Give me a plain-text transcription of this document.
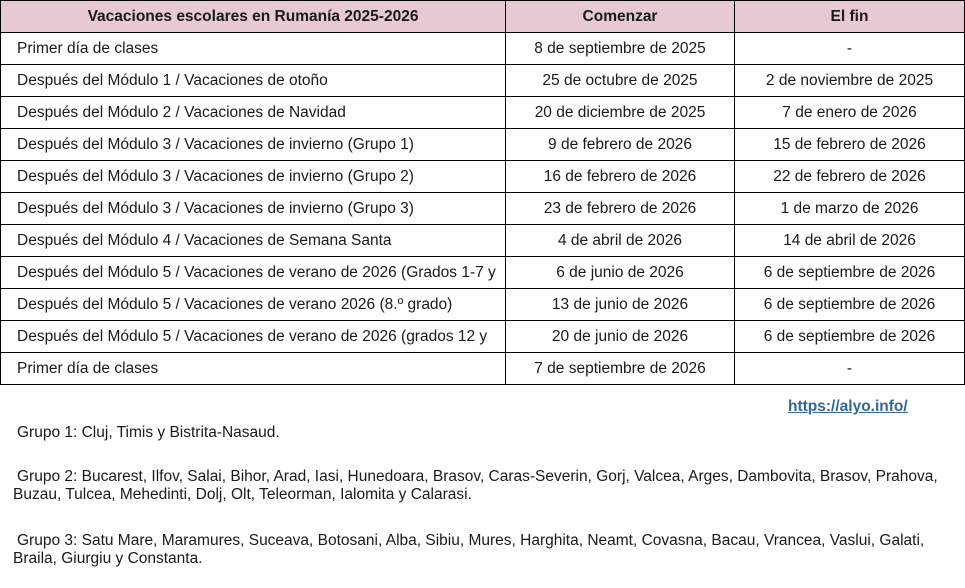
Vacaciones escolares en Rumanía 2025-2026	Comenzar	El fin
Primer día de clases	8 de septiembre de 2025	-
Después del Módulo 1 / Vacaciones de otoño	25 de octubre de 2025	2 de noviembre de 2025
Después del Módulo 2 / Vacaciones de Navidad	20 de diciembre de 2025	7 de enero de 2026
Después del Módulo 3 / Vacaciones de invierno (Grupo 1)	9 de febrero de 2026	15 de febrero de 2026
Después del Módulo 3 / Vacaciones de invierno (Grupo 2)	16 de febrero de 2026	22 de febrero de 2026
Después del Módulo 3 / Vacaciones de invierno (Grupo 3)	23 de febrero de 2026	1 de marzo de 2026
Después del Módulo 4 / Vacaciones de Semana Santa	4 de abril de 2026	14 de abril de 2026
Después del Módulo 5 / Vacaciones de verano de 2026 (Grados 1-7 y	6 de junio de 2026	6 de septiembre de 2026
Después del Módulo 5 / Vacaciones de verano 2026 (8.º grado)	13 de junio de 2026	6 de septiembre de 2026
Después del Módulo 5 / Vacaciones de verano de 2026 (grados 12 y	20 de junio de 2026	6 de septiembre de 2026
Primer día de clases	7 de septiembre de 2026	-
https://alyo.info/
Grupo 1: Cluj, Timis y Bistrita-Nasaud.
Grupo 2: Bucarest, Ilfov, Salai, Bihor, Arad, Iasi, Hunedoara, Brasov, Caras-Severin, Gorj, Valcea, Arges, Dambovita, Brasov, Prahova, Buzau, Tulcea, Mehedinti, Dolj, Olt, Teleorman, Ialomita y Calarasi.
Grupo 3: Satu Mare, Maramures, Suceava, Botosani, Alba, Sibiu, Mures, Harghita, Neamt, Covasna, Bacau, Vrancea, Vaslui, Galati, Braila, Giurgiu y Constanta.
